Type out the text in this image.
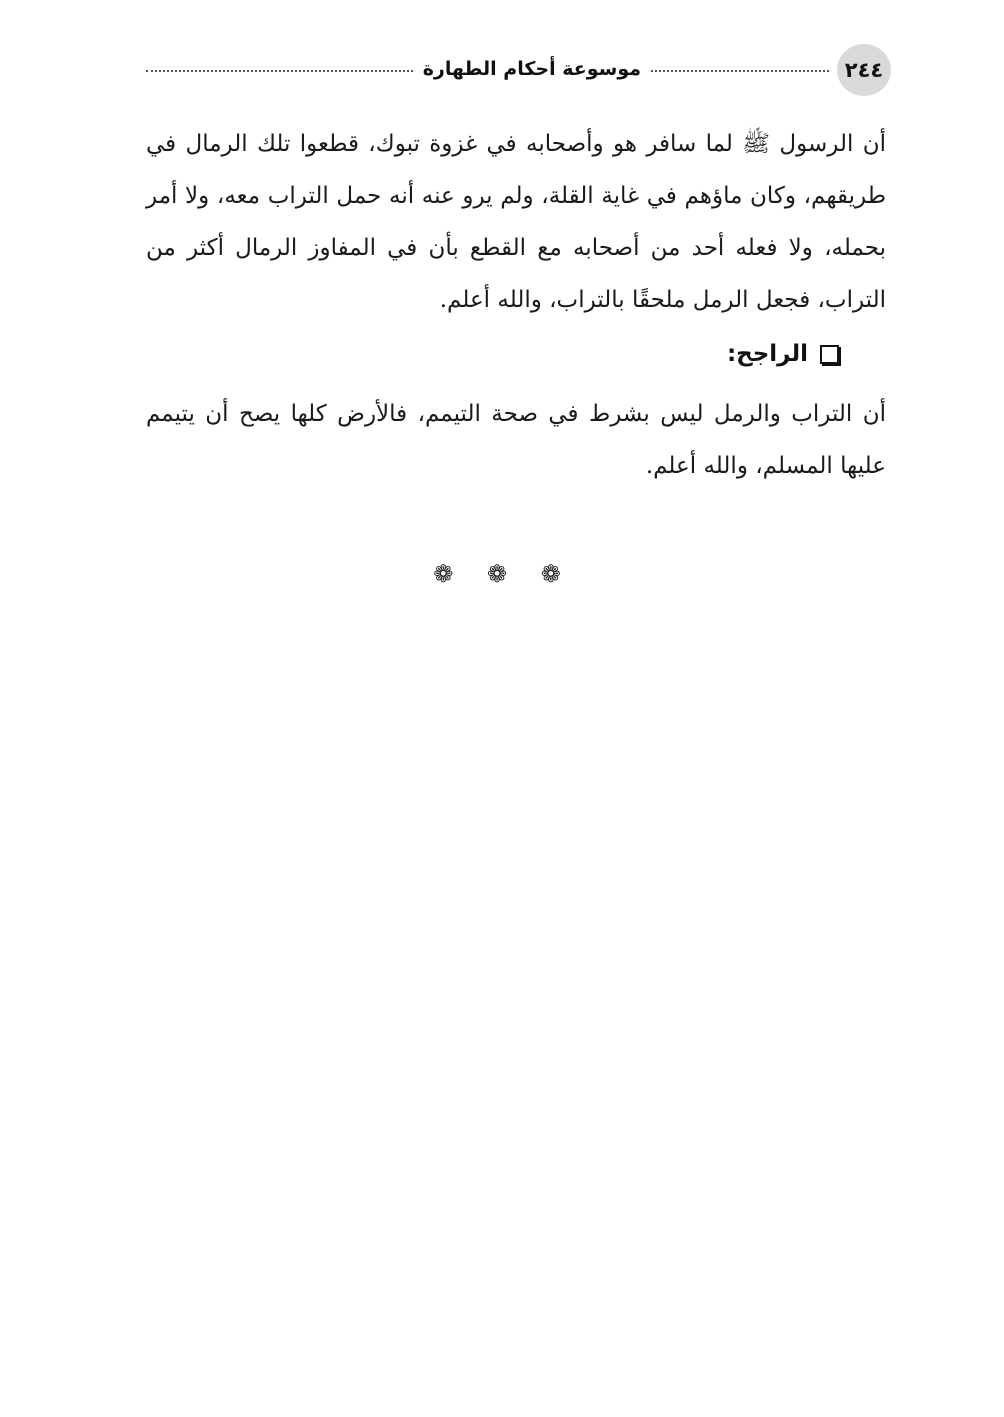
٢٤٤
موسوعة أحكام الطهارة

أن الرسول ﷺ لما سافر هو وأصحابه في غزوة تبوك، قطعوا تلك الرمال في طريقهم، وكان ماؤهم في غاية القلة، ولم يرو عنه أنه حمل التراب معه، ولا أمر بحمله، ولا فعله أحد من أصحابه مع القطع بأن في المفاوز الرمال أكثر من التراب، فجعل الرمل ملحقًا بالتراب، والله أعلم.

الراجح:

أن التراب والرمل ليس بشرط في صحة التيمم، فالأرض كلها يصح أن يتيمم عليها المسلم، والله أعلم.

❁ ❁ ❁
